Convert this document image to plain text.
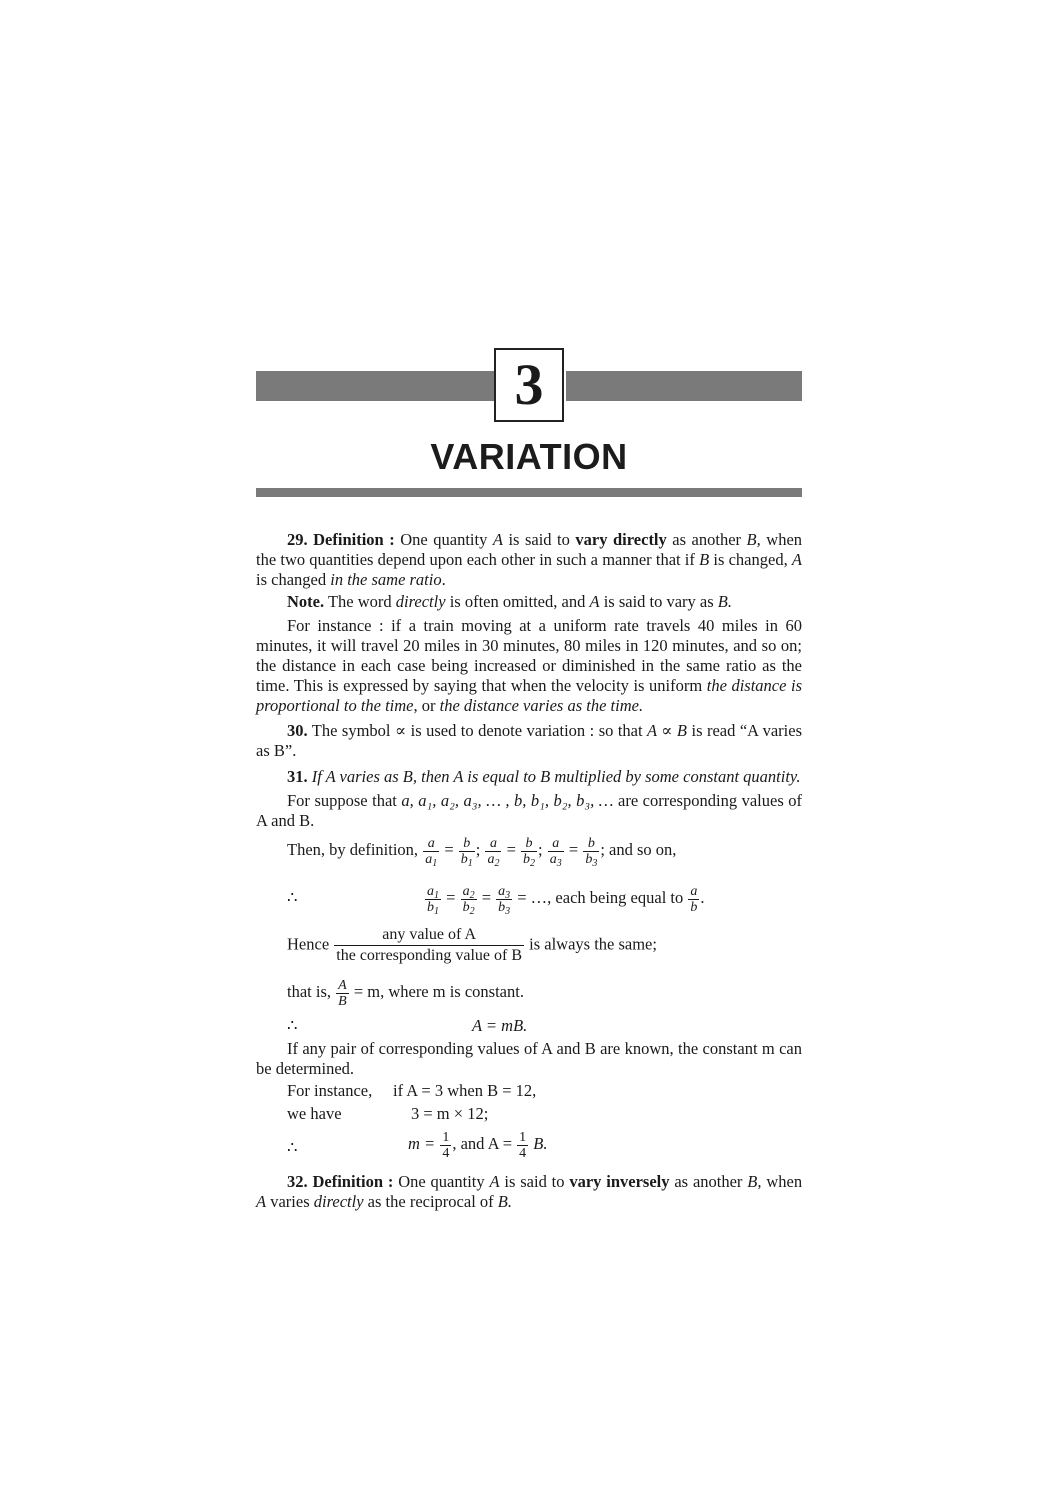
3
VARIATION
29. Definition : One quantity A is said to vary directly as another B, when the two quantities depend upon each other in such a manner that if B is changed, A is changed in the same ratio.
Note. The word directly is often omitted, and A is said to vary as B.
For instance : if a train moving at a uniform rate travels 40 miles in 60 minutes, it will travel 20 miles in 30 minutes, 80 miles in 120 minutes, and so on; the distance in each case being increased or diminished in the same ratio as the time. This is expressed by saying that when the velocity is uniform the distance is proportional to the time, or the distance varies as the time.
30. The symbol ∝ is used to denote variation : so that A ∝ B is read “A varies as B”.
31. If A varies as B, then A is equal to B multiplied by some constant quantity.
For suppose that a, a₁, a₂, a₃, … , b, b₁, b₂, b₃, … are corresponding values of A and B.
Then, by definition, $\frac{a}{a_1} = \frac{b}{b_1}$ ; $\frac{a}{a_2} = \frac{b}{b_2}$ ; $\frac{a}{a_3} = \frac{b}{b_3}$ ; and so on,
∴	$\frac{a_1}{b_1} = \frac{a_2}{b_2} = \frac{a_3}{b_3}$ = …, each being equal to $\frac{a}{b}$ .
Hence $\frac{\text{any value of A}}{\text{the corresponding value of B}}$ is always the same;
that is, $\frac{A}{B} = m$, where m is constant.
∴	A = mB.
If any pair of corresponding values of A and B are known, the constant m can be determined.
For instance, if A = 3 when B = 12,
we have	3 = m × 12;
∴	$m = \frac{1}{4}$ , and $A = \frac{1}{4} B$.
32. Definition : One quantity A is said to vary inversely as another B, when A varies directly as the reciprocal of B.
